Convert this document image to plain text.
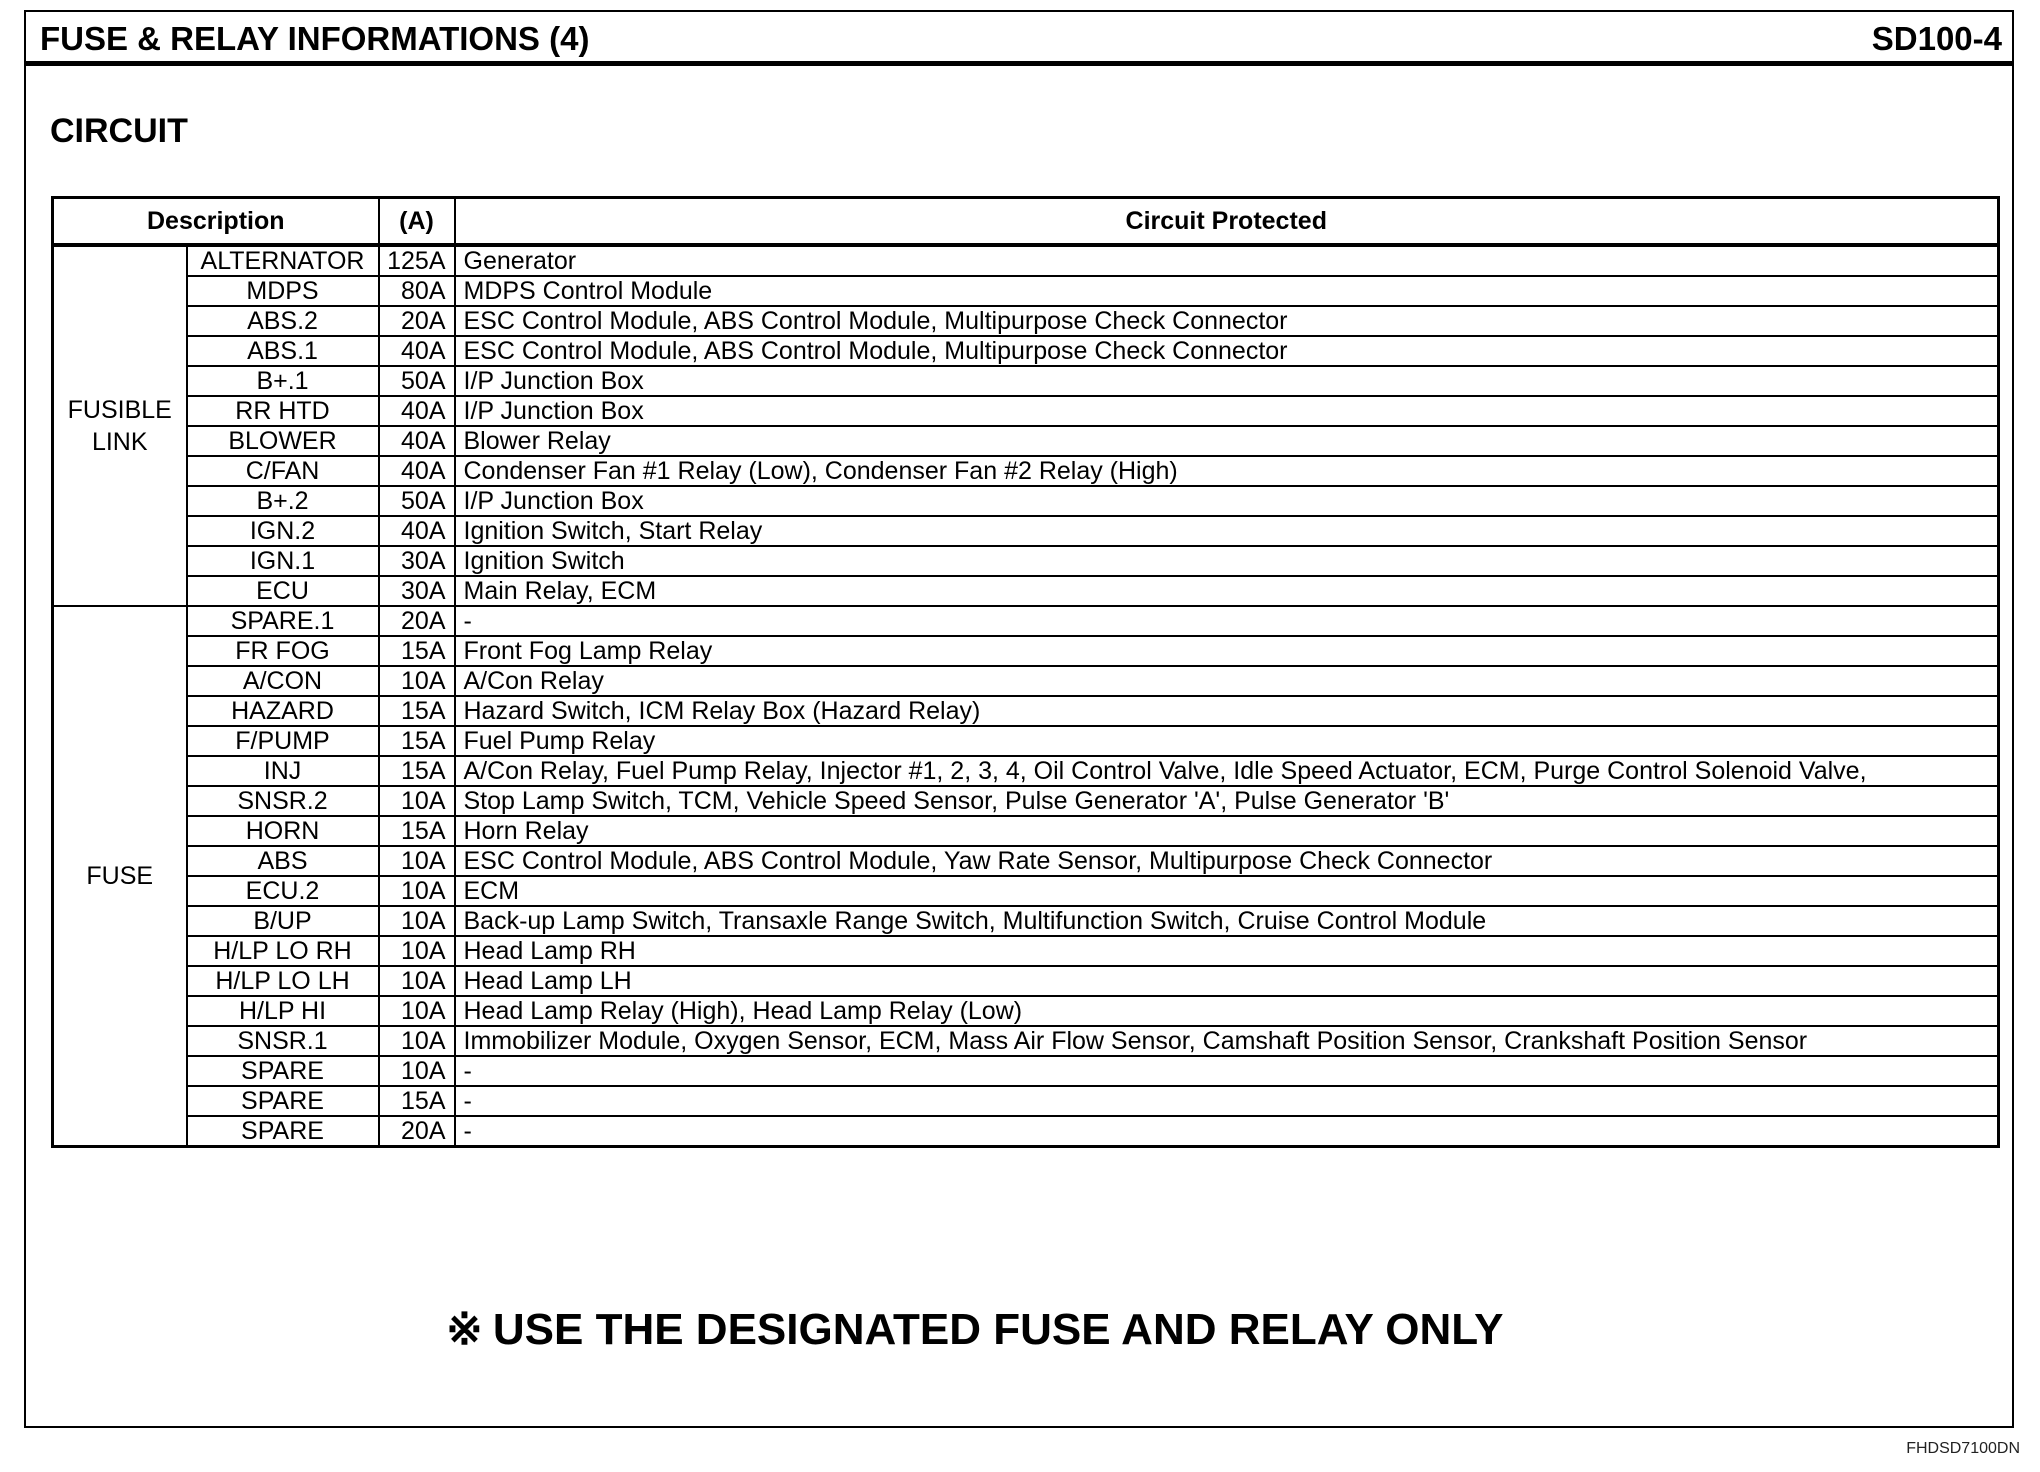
FUSE & RELAY INFORMATIONS (4)	SD100-4
CIRCUIT
Description		(A)	Circuit Protected
FUSIBLE
LINK	ALTERNATOR	125A	Generator
	MDPS	80A	MDPS Control Module
	ABS.2	20A	ESC Control Module, ABS Control Module, Multipurpose Check Connector
	ABS.1	40A	ESC Control Module, ABS Control Module, Multipurpose Check Connector
	B+.1	50A	I/P Junction Box
	RR HTD	40A	I/P Junction Box
	BLOWER	40A	Blower Relay
	C/FAN	40A	Condenser Fan #1 Relay (Low), Condenser Fan #2 Relay (High)
	B+.2	50A	I/P Junction Box
	IGN.2	40A	Ignition Switch, Start Relay
	IGN.1	30A	Ignition Switch
	ECU	30A	Main Relay, ECM
FUSE	SPARE.1	20A	-
	FR FOG	15A	Front Fog Lamp Relay
	A/CON	10A	A/Con Relay
	HAZARD	15A	Hazard Switch, ICM Relay Box (Hazard Relay)
	F/PUMP	15A	Fuel Pump Relay
	INJ	15A	A/Con Relay, Fuel Pump Relay, Injector #1, 2, 3, 4, Oil Control Valve, Idle Speed Actuator, ECM, Purge Control Solenoid Valve,
	SNSR.2	10A	Stop Lamp Switch, TCM, Vehicle Speed Sensor, Pulse Generator 'A', Pulse Generator 'B'
	HORN	15A	Horn Relay
	ABS	10A	ESC Control Module, ABS Control Module, Yaw Rate Sensor, Multipurpose Check Connector
	ECU.2	10A	ECM
	B/UP	10A	Back-up Lamp Switch, Transaxle Range Switch, Multifunction Switch, Cruise Control Module
	H/LP LO RH	10A	Head Lamp RH
	H/LP LO LH	10A	Head Lamp LH
	H/LP HI	10A	Head Lamp Relay (High), Head Lamp Relay (Low)
	SNSR.1	10A	Immobilizer Module, Oxygen Sensor, ECM, Mass Air Flow Sensor, Camshaft Position Sensor, Crankshaft Position Sensor
	SPARE	10A	-
	SPARE	15A	-
	SPARE	20A	-
※ USE THE DESIGNATED FUSE AND RELAY ONLY
FHDSD7100DN
